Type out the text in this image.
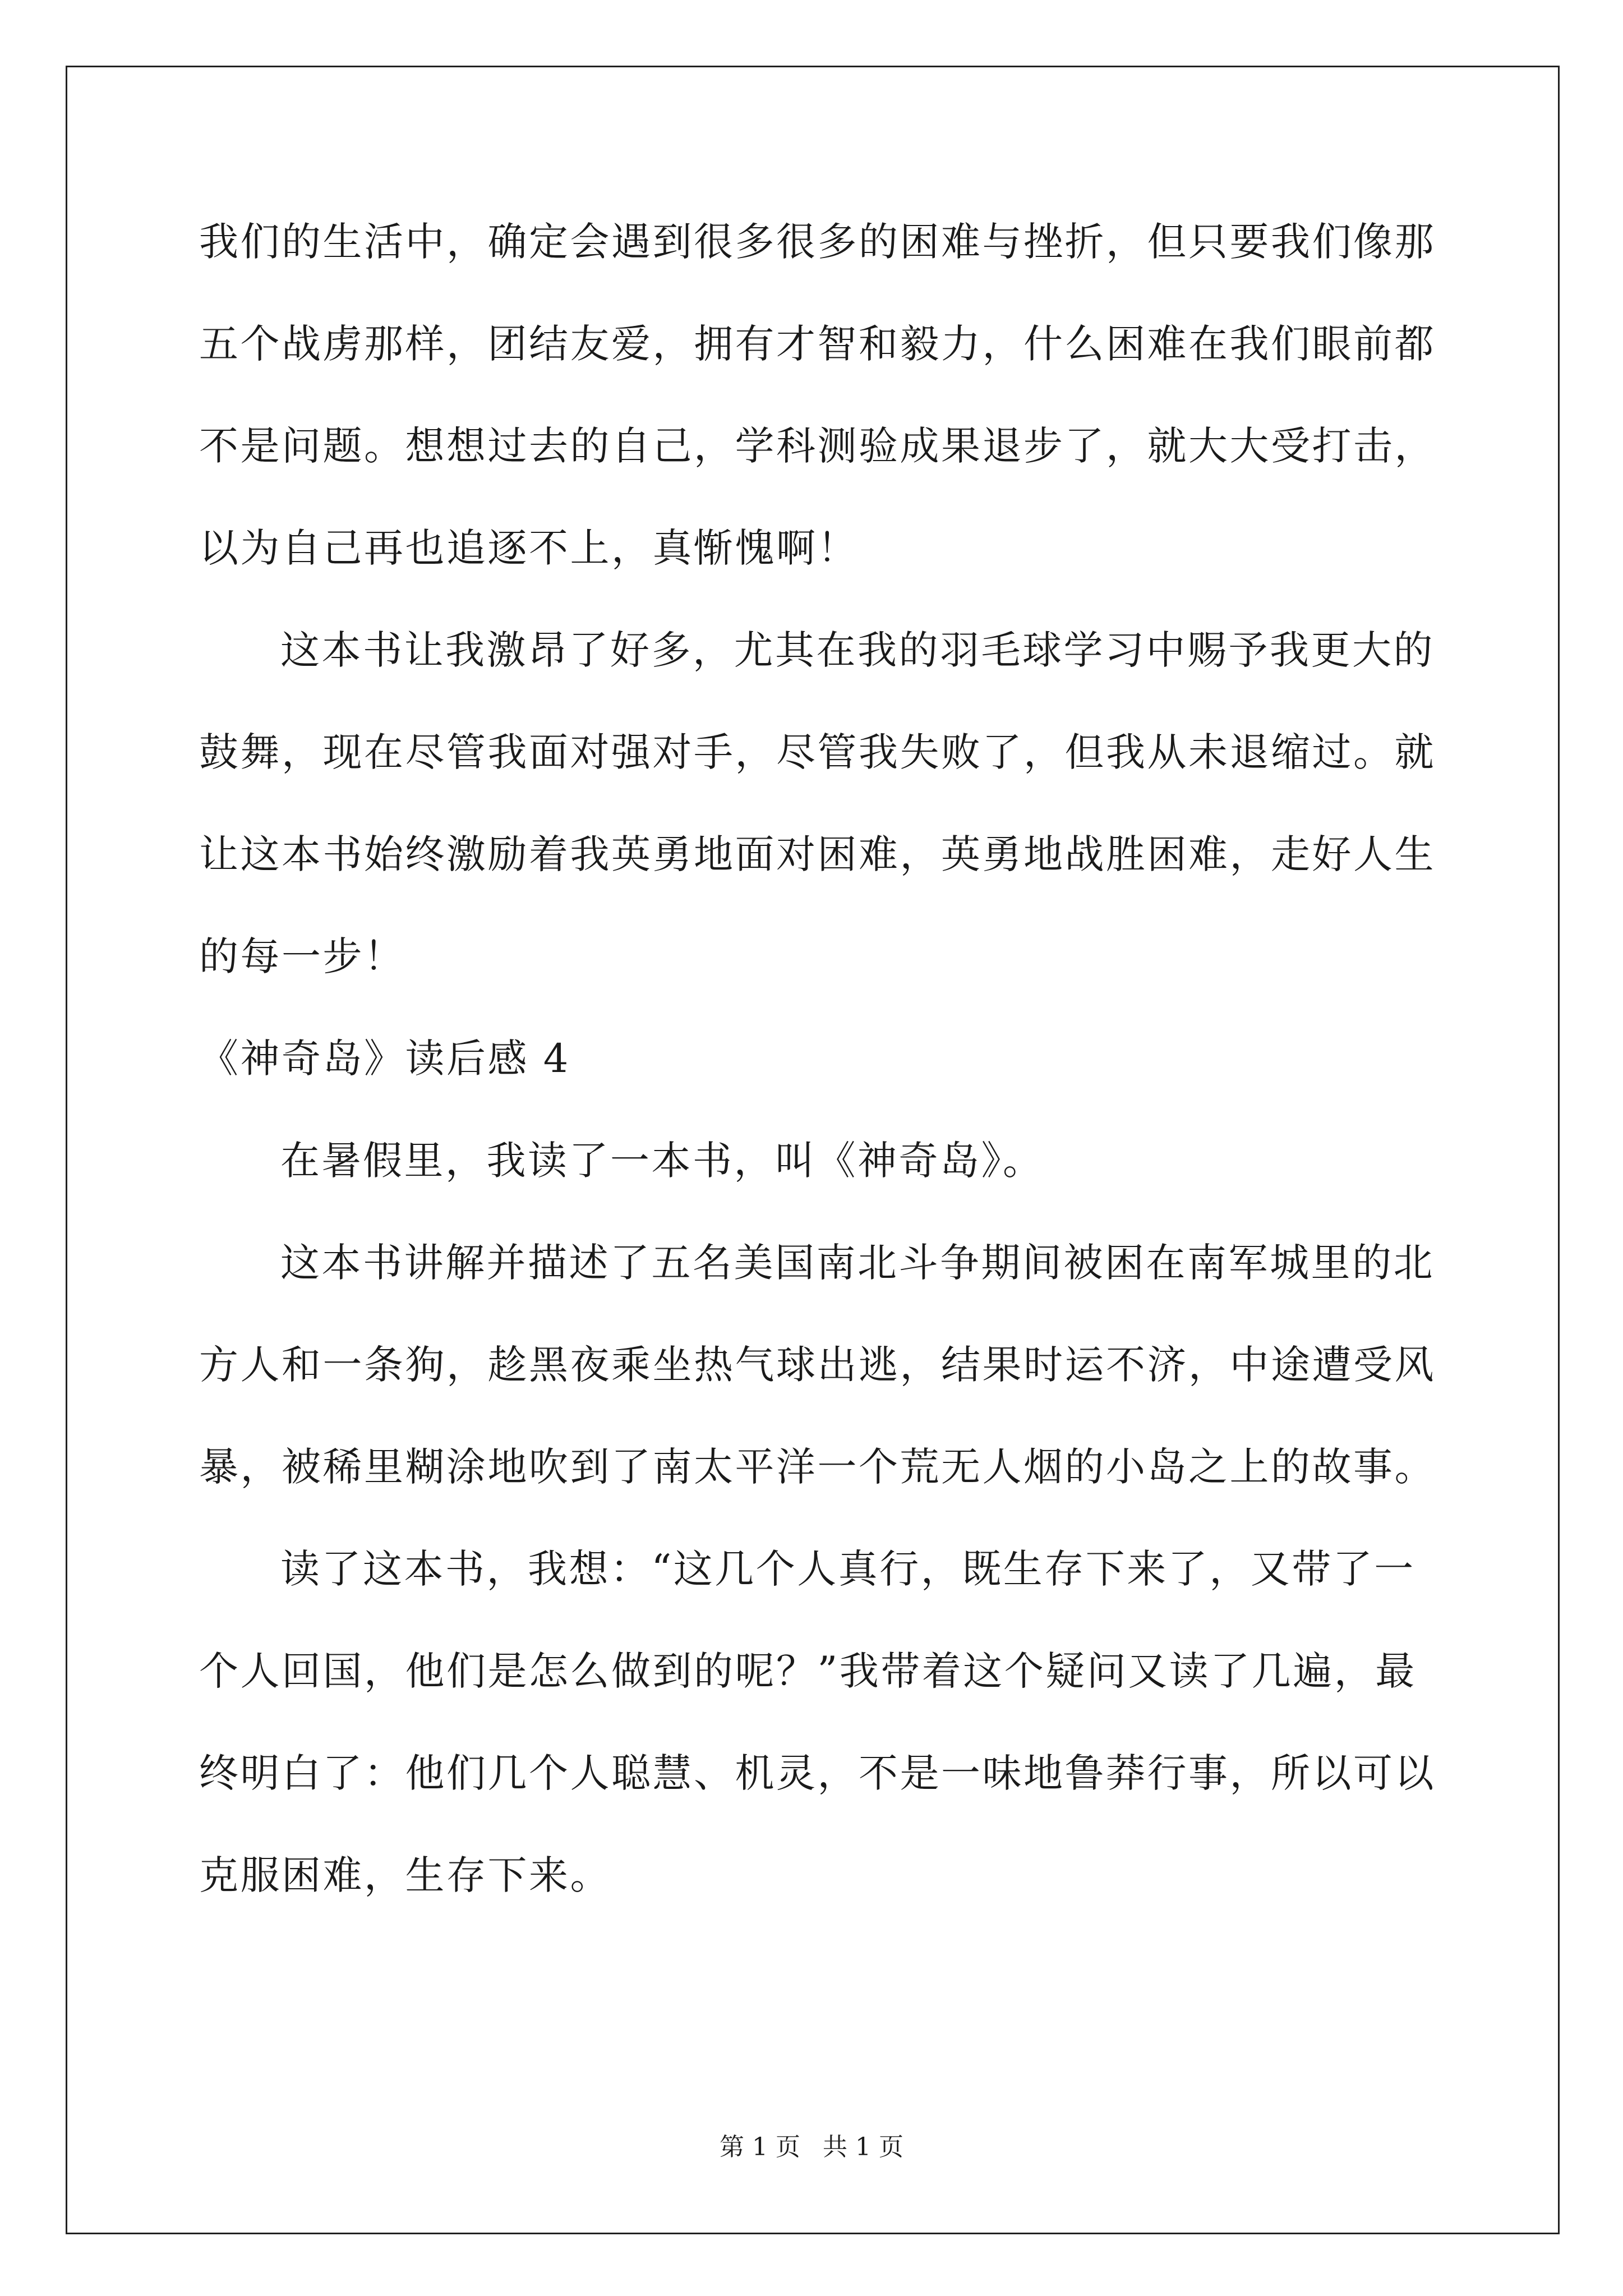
我们的生活中，确定会遇到很多很多的困难与挫折，但只要我们像那
五个战虏那样，团结友爱，拥有才智和毅力，什么困难在我们眼前都
不是问题。想想过去的自己，学科测验成果退步了，就大大受打击，
以为自己再也追逐不上，真惭愧啊！
这本书让我激昂了好多，尤其在我的羽毛球学习中赐予我更大的
鼓舞，现在尽管我面对强对手，尽管我失败了，但我从未退缩过。就
让这本书始终激励着我英勇地面对困难，英勇地战胜困难，走好人生
的每一步！
《神奇岛》读后感 4
在暑假里，我读了一本书，叫《神奇岛》。
这本书讲解并描述了五名美国南北斗争期间被困在南军城里的北
方人和一条狗，趁黑夜乘坐热气球出逃，结果时运不济，中途遭受风
暴，被稀里糊涂地吹到了南太平洋一个荒无人烟的小岛之上的故事。
读了这本书，我想：“这几个人真行，既生存下来了，又带了一
个人回国，他们是怎么做到的呢？”我带着这个疑问又读了几遍，最
终明白了：他们几个人聪慧、机灵，不是一味地鲁莽行事，所以可以
克服困难，生存下来。
第 1 页 共 1 页
